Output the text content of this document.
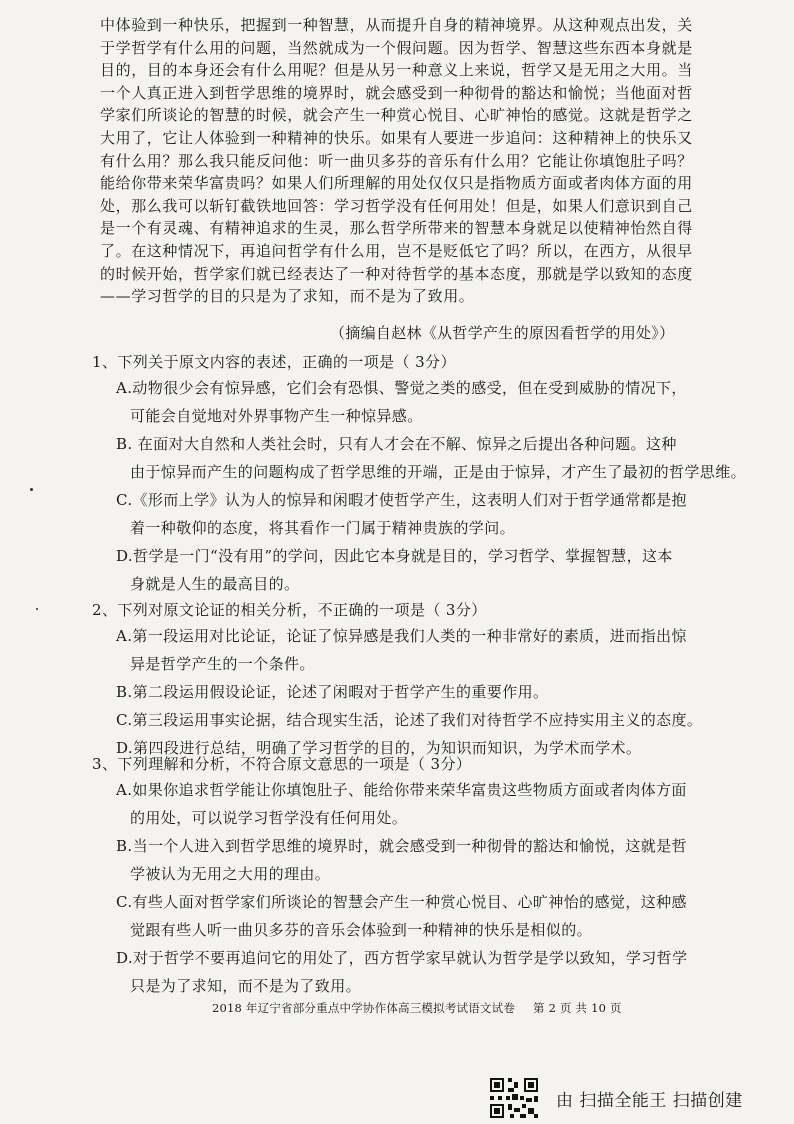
中体验到一种快乐，把握到一种智慧，从而提升自身的精神境界。从这种观点出发，关

于学哲学有什么用的问题，当然就成为一个假问题。因为哲学、智慧这些东西本身就是

目的，目的本身还会有什么用呢？但是从另一种意义上来说，哲学又是无用之大用。当

一个人真正进入到哲学思维的境界时，就会感受到一种彻骨的豁达和愉悦；当他面对哲

学家们所谈论的智慧的时候，就会产生一种赏心悦目、心旷神怡的感觉。这就是哲学之

大用了，它让人体验到一种精神的快乐。如果有人要进一步追问：这种精神上的快乐又

有什么用？那么我只能反问他：听一曲贝多芬的音乐有什么用？它能让你填饱肚子吗？

能给你带来荣华富贵吗？如果人们所理解的用处仅仅只是指物质方面或者肉体方面的用

处，那么我可以斩钉截铁地回答：学习哲学没有任何用处！但是，如果人们意识到自己

是一个有灵魂、有精神追求的生灵，那么哲学所带来的智慧本身就足以使精神怡然自得

了。在这种情况下，再追问哲学有什么用，岂不是贬低它了吗？所以，在西方，从很早

的时候开始，哲学家们就已经表达了一种对待哲学的基本态度，那就是学以致知的态度

——学习哲学的目的只是为了求知，而不是为了致用。

（摘编自赵林《从哲学产生的原因看哲学的用处》）

1、下列关于原文内容的表述，正确的一项是（ 3分）

A.动物很少会有惊异感，它们会有恐惧、警觉之类的感受，但在受到威胁的情况下，
可能会自觉地对外界事物产生一种惊异感。

B. 在面对大自然和人类社会时，只有人才会在不解、惊异之后提出各种问题。这种
由于惊异而产生的问题构成了哲学思维的开端，正是由于惊异，才产生了最初的哲学思维。

C.《形而上学》认为人的惊异和闲暇才使哲学产生，这表明人们对于哲学通常都是抱
着一种敬仰的态度，将其看作一门属于精神贵族的学问。

D.哲学是一门“没有用”的学问，因此它本身就是目的，学习哲学、掌握智慧，这本
身就是人生的最高目的。

2、下列对原文论证的相关分析，不正确的一项是（ 3分）

A.第一段运用对比论证，论证了惊异感是我们人类的一种非常好的素质，进而指出惊
异是哲学产生的一个条件。

B.第二段运用假设论证，论述了闲暇对于哲学产生的重要作用。

C.第三段运用事实论据，结合现实生活，论述了我们对待哲学不应持实用主义的态度。

D.第四段进行总结，明确了学习哲学的目的，为知识而知识，为学术而学术。

3、下列理解和分析，不符合原文意思的一项是（ 3分）

A.如果你追求哲学能让你填饱肚子、能给你带来荣华富贵这些物质方面或者肉体方面
的用处，可以说学习哲学没有任何用处。

B.当一个人进入到哲学思维的境界时，就会感受到一种彻骨的豁达和愉悦，这就是哲
学被认为无用之大用的理由。

C.有些人面对哲学家们所谈论的智慧会产生一种赏心悦目、心旷神怡的感觉，这种感
觉跟有些人听一曲贝多芬的音乐会体验到一种精神的快乐是相似的。

D.对于哲学不要再追问它的用处了，西方哲学家早就认为哲学是学以致知，学习哲学
只是为了求知，而不是为了致用。

2018 年辽宁省部分重点中学协作体高三模拟考试语文试卷 第 2 页 共 10 页
由 扫描全能王 扫描创建
